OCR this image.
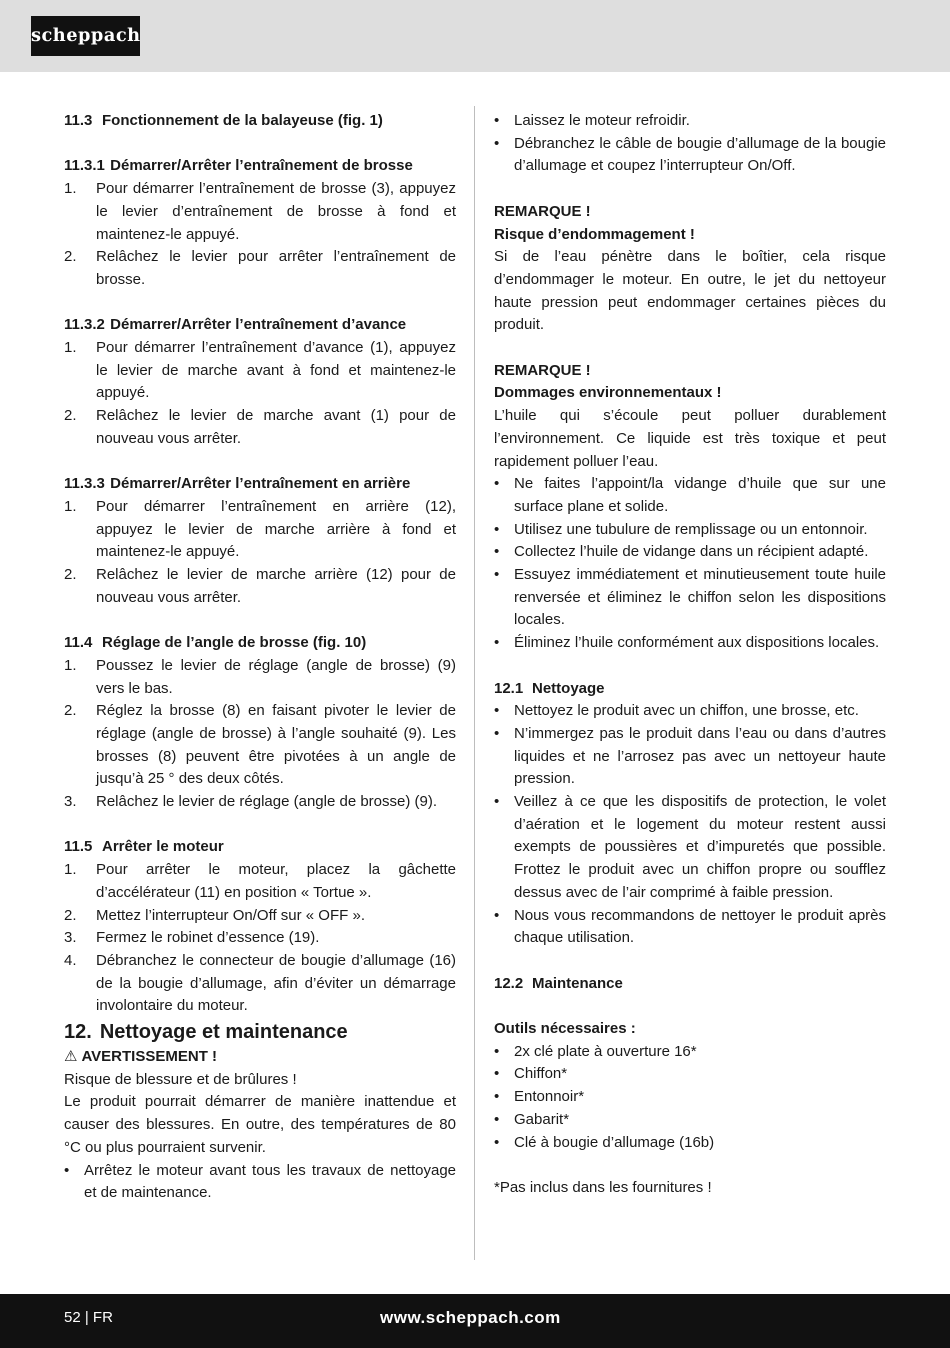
scheppach

11.3 Fonctionnement de la balayeuse (fig. 1)

11.3.1 Démarrer/Arrêter l’entraînement de brosse

1. Pour démarrer l’entraînement de brosse (3), appuyez le levier d’entraînement de brosse à fond et maintenez-le appuyé.
2. Relâchez le levier pour arrêter l’entraînement de brosse.

11.3.2 Démarrer/Arrêter l’entraînement d’avance

1. Pour démarrer l’entraînement d’avance (1), appuyez le levier de marche avant à fond et maintenez-le appuyé.
2. Relâchez le levier de marche avant (1) pour de nouveau vous arrêter.

11.3.3 Démarrer/Arrêter l’entraînement en arrière

1. Pour démarrer l’entraînement en arrière (12), appuyez le levier de marche arrière à fond et maintenez-le appuyé.
2. Relâchez le levier de marche arrière (12) pour de nouveau vous arrêter.

11.4 Réglage de l’angle de brosse (fig. 10)

1. Poussez le levier de réglage (angle de brosse) (9) vers le bas.
2. Réglez la brosse (8) en faisant pivoter le levier de réglage (angle de brosse) à l’angle souhaité (9). Les brosses (8) peuvent être pivotées à un angle de jusqu’à 25 ° des deux côtés.
3. Relâchez le levier de réglage (angle de brosse) (9).

11.5 Arrêter le moteur

1. Pour arrêter le moteur, placez la gâchette d’accélérateur (11) en position « Tortue ».
2. Mettez l’interrupteur On/Off sur « OFF ».
3. Fermez le robinet d’essence (19).
4. Débranchez le connecteur de bougie d’allumage (16) de la bougie d’allumage, afin d’éviter un démarrage involontaire du moteur.

12. Nettoyage et maintenance

⚠ AVERTISSEMENT !

Risque de blessure et de brûlures !

Le produit pourrait démarrer de manière inattendue et causer des blessures. En outre, des températures de 80 °C ou plus pourraient survenir.

• Arrêtez le moteur avant tous les travaux de nettoyage et de maintenance.
• Laissez le moteur refroidir.
• Débranchez le câble de bougie d’allumage de la bougie d’allumage et coupez l’interrupteur On/Off.

REMARQUE !

Risque d’endommagement !

Si de l’eau pénètre dans le boîtier, cela risque d’endommager le moteur. En outre, le jet du nettoyeur haute pression peut endommager certaines pièces du produit.

REMARQUE !

Dommages environnementaux !

L’huile qui s’écoule peut polluer durablement l’environnement. Ce liquide est très toxique et peut rapidement polluer l’eau.

• Ne faites l’appoint/la vidange d’huile que sur une surface plane et solide.
• Utilisez une tubulure de remplissage ou un entonnoir.
• Collectez l’huile de vidange dans un récipient adapté.
• Essuyez immédiatement et minutieusement toute huile renversée et éliminez le chiffon selon les dispositions locales.
• Éliminez l’huile conformément aux dispositions locales.

12.1 Nettoyage

• Nettoyez le produit avec un chiffon, une brosse, etc.
• N’immergez pas le produit dans l’eau ou dans d’autres liquides et ne l’arrosez pas avec un nettoyeur haute pression.
• Veillez à ce que les dispositifs de protection, le volet d’aération et le logement du moteur restent aussi exempts de poussières et d’impuretés que possible. Frottez le produit avec un chiffon propre ou soufflez dessus avec de l’air comprimé à faible pression.
• Nous vous recommandons de nettoyer le produit après chaque utilisation.

12.2 Maintenance

Outils nécessaires :

• 2x clé plate à ouverture 16*
• Chiffon*
• Entonnoir*
• Gabarit*
• Clé à bougie d’allumage (16b)

*Pas inclus dans les fournitures !

52 | FR	www.scheppach.com
